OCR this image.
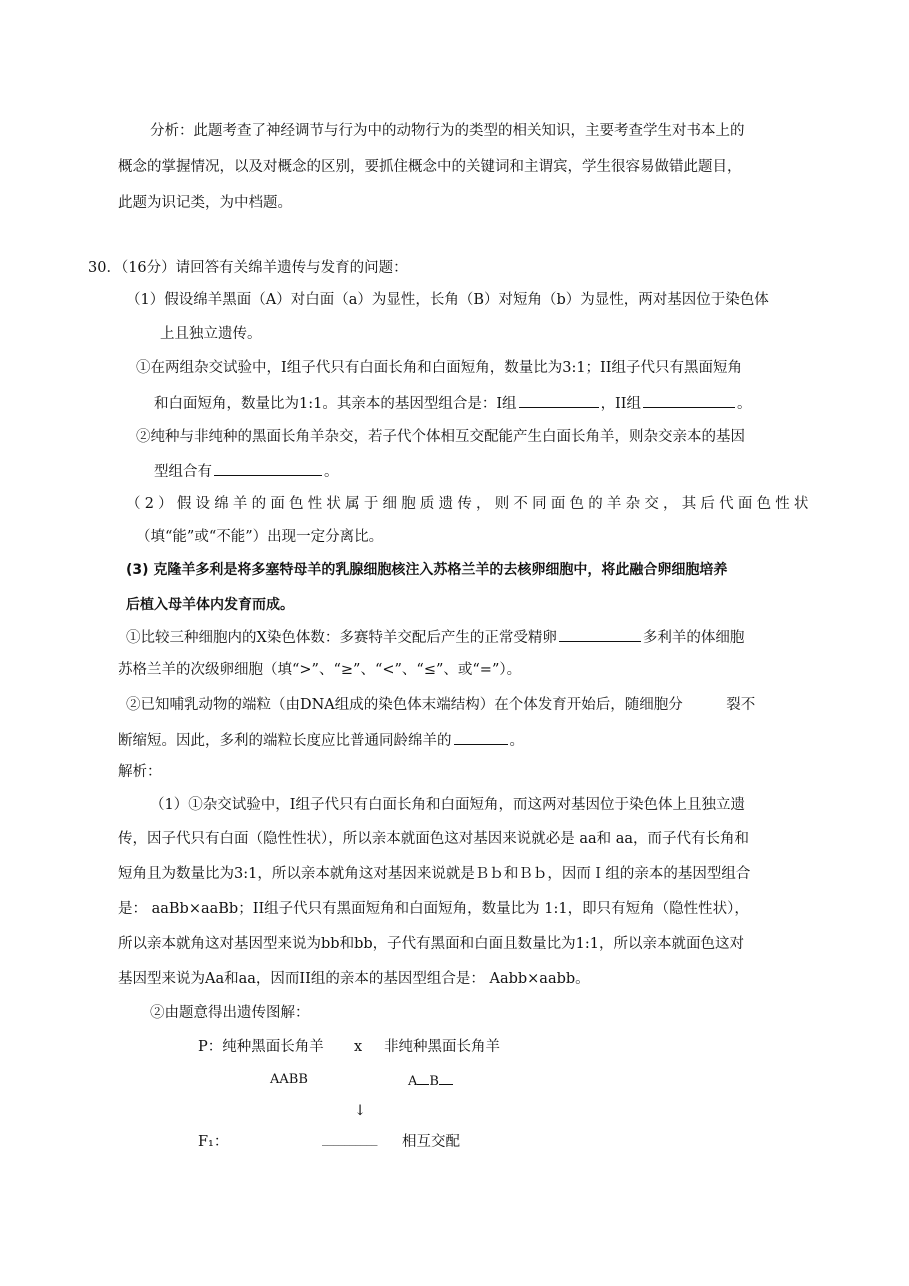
分析：此题考查了神经调节与行为中的动物行为的类型的相关知识，主要考查学生对书本上的
概念的掌握情况，以及对概念的区别，要抓住概念中的关键词和主谓宾，学生很容易做错此题目，
此题为识记类，为中档题。
30．（16分）请回答有关绵羊遗传与发育的问题：
（1）假设绵羊黑面（A）对白面（a）为显性，长角（B）对短角（b）为显性，两对基因位于染色体
上且独立遗传。
①在两组杂交试验中，I组子代只有白面长角和白面短角，数量比为3:1；II组子代只有黑面短角
和白面短角，数量比为1:1。其亲本的基因型组合是：I组	，II组	。
②纯种与非纯种的黑面长角羊杂交，若子代个体相互交配能产生白面长角羊，则杂交亲本的基因
型组合有	。
（2）假设绵羊的面色性状属于细胞质遗传，则不同面色的羊杂交，其后代面色性状
（填“能”或“不能”）出现一定分离比。
(3) 克隆羊多利是将多塞特母羊的乳腺细胞核注入苏格兰羊的去核卵细胞中，将此融合卵细胞培养
后植入母羊体内发育而成。
①比较三种细胞内的X染色体数：多赛特羊交配后产生的正常受精卵	多利羊的体细胞
苏格兰羊的次级卵细胞（填“>”、“≥”、“<”、“≤”、或“=”）。
②已知哺乳动物的端粒（由DNA组成的染色体末端结构）在个体发育开始后，随细胞分　　　裂不
断缩短。因此，多利的端粒长度应比普通同龄绵羊的	。
解析：
（1）①杂交试验中，I组子代只有白面长角和白面短角，而这两对基因位于染色体上且独立遗
传，因子代只有白面（隐性性状），所以亲本就面色这对基因来说就必是 aa和 aa，而子代有长角和
短角且为数量比为3:1，所以亲本就角这对基因来说就是Ｂｂ和Ｂｂ，因而Ｉ组的亲本的基因型组合
是： aaBb×aaBb；II组子代只有黑面短角和白面短角，数量比为 1:1，即只有短角（隐性性状），
所以亲本就角这对基因型来说为bb和bb，子代有黑面和白面且数量比为1:1，所以亲本就面色这对
基因型来说为Aa和aa，因而II组的亲本的基因型组合是： Aabb×aabb。
②由题意得出遗传图解：
P：纯种黑面长角羊 x 非纯种黑面长角羊
AABB	A B
↓
F₁：	__________ 相互交配
